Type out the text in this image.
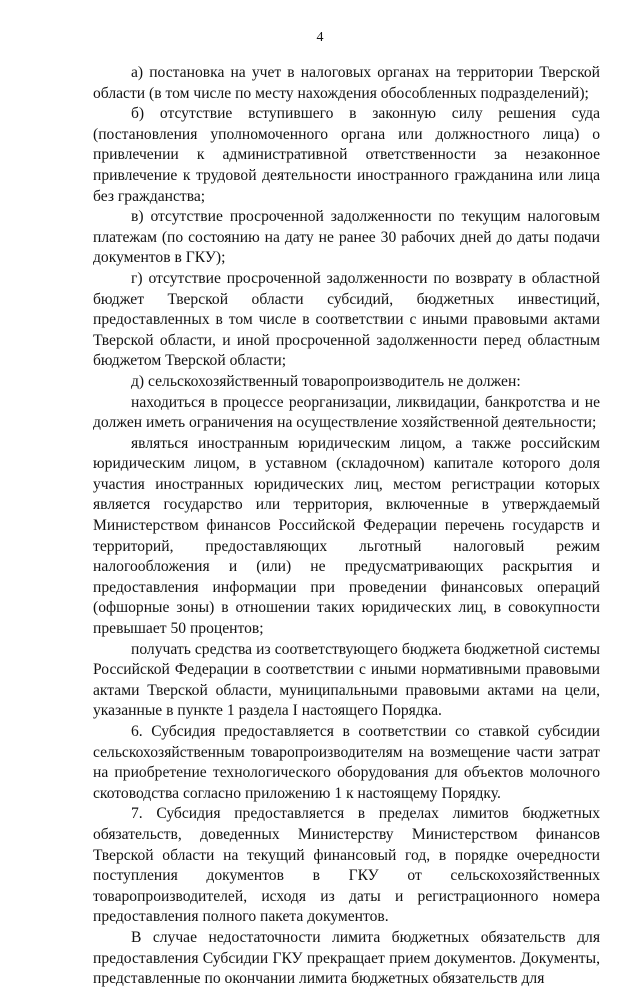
4

а) постановка на учет в налоговых органах на территории Тверской области (в том числе по месту нахождения обособленных подразделений);

б) отсутствие вступившего в законную силу решения суда (постановления уполномоченного органа или должностного лица) о привлечении к административной ответственности за незаконное привлечение к трудовой деятельности иностранного гражданина или лица без гражданства;

в) отсутствие просроченной задолженности по текущим налоговым платежам (по состоянию на дату не ранее 30 рабочих дней до даты подачи документов в ГКУ);

г) отсутствие просроченной задолженности по возврату в областной бюджет Тверской области субсидий, бюджетных инвестиций, предоставленных в том числе в соответствии с иными правовыми актами Тверской области, и иной просроченной задолженности перед областным бюджетом Тверской области;

д) сельскохозяйственный товаропроизводитель не должен:

находиться в процессе реорганизации, ликвидации, банкротства и не должен иметь ограничения на осуществление хозяйственной деятельности;

являться иностранным юридическим лицом, а также российским юридическим лицом, в уставном (складочном) капитале которого доля участия иностранных юридических лиц, местом регистрации которых является государство или территория, включенные в утверждаемый Министерством финансов Российской Федерации перечень государств и территорий, предоставляющих льготный налоговый режим налогообложения и (или) не предусматривающих раскрытия и предоставления информации при проведении финансовых операций (офшорные зоны) в отношении таких юридических лиц, в совокупности превышает 50 процентов;

получать средства из соответствующего бюджета бюджетной системы Российской Федерации в соответствии с иными нормативными правовыми актами Тверской области, муниципальными правовыми актами на цели, указанные в пункте 1 раздела I настоящего Порядка.

6. Субсидия предоставляется в соответствии со ставкой субсидии сельскохозяйственным товаропроизводителям на возмещение части затрат на приобретение технологического оборудования для объектов молочного скотоводства согласно приложению 1 к настоящему Порядку.

7. Субсидия предоставляется в пределах лимитов бюджетных обязательств, доведенных Министерству Министерством финансов Тверской области на текущий финансовый год, в порядке очередности поступления документов в ГКУ от сельскохозяйственных товаропроизводителей, исходя из даты и регистрационного номера предоставления полного пакета документов.

В случае недостаточности лимита бюджетных обязательств для предоставления Субсидии ГКУ прекращает прием документов. Документы, представленные по окончании лимита бюджетных обязательств для
